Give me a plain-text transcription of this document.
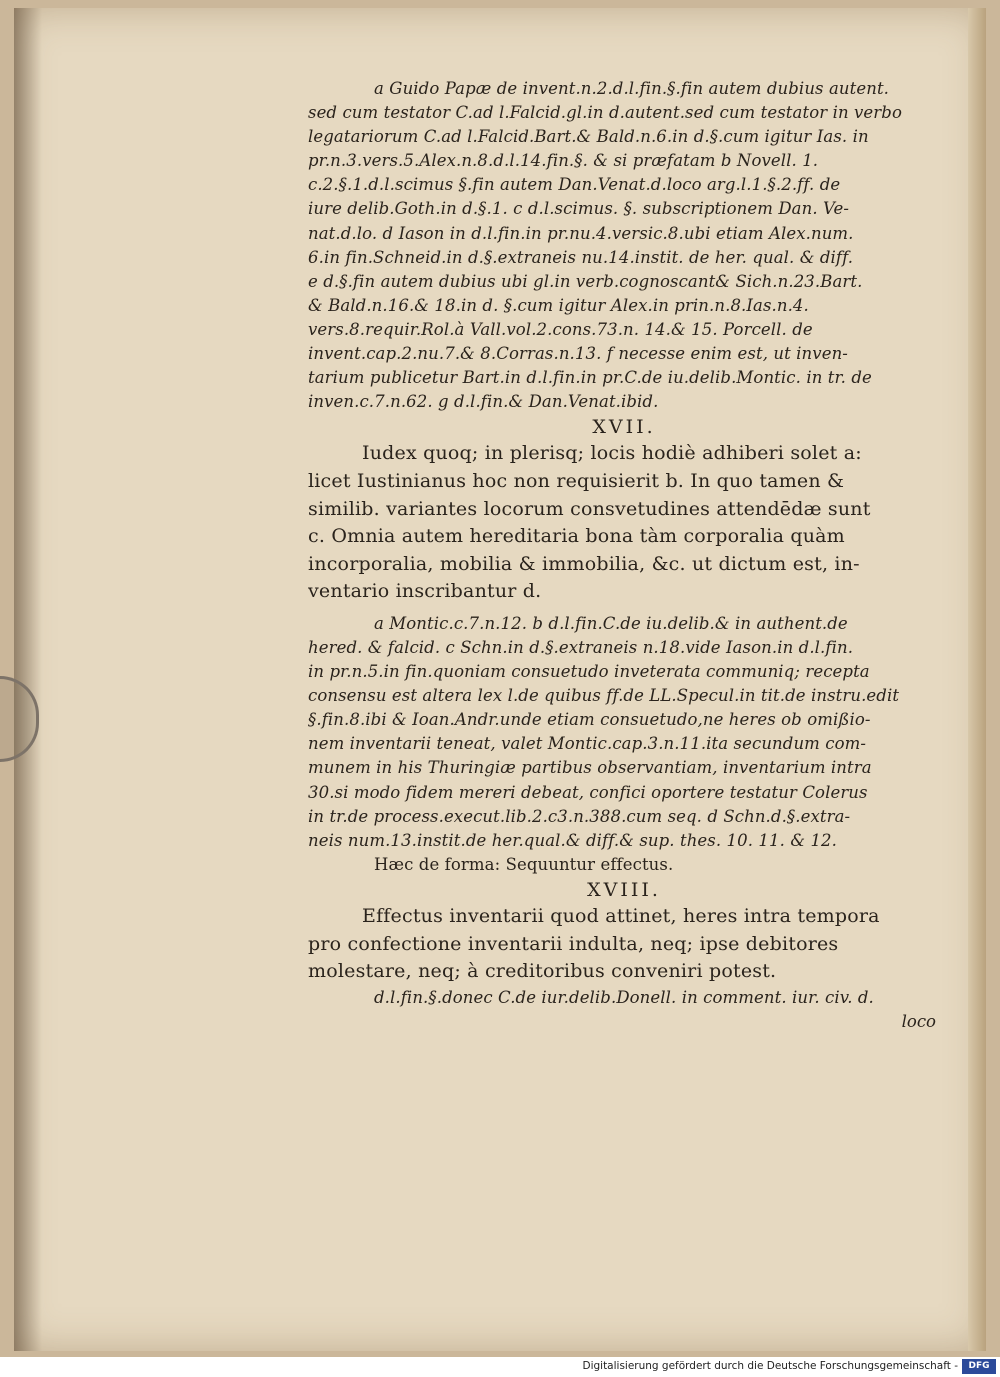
a Guido Papæ de invent.n.2.d.l.fin.§.fin autem dubius autent.
sed cum testator C.ad l.Falcid.gl.in d.autent.sed cum testator in verbo
legatariorum C.ad l.Falcid.Bart.& Bald.n.6.in d.§.cum igitur Ias. in
pr.n.3.vers.5.Alex.n.8.d.l.14.fin.§. & si præfatam b Novell. 1.
c.2.§.1.d.l.scimus §.fin autem Dan.Venat.d.loco arg.l.1.§.2.ff. de
iure delib.Goth.in d.§.1. c d.l.scimus. §. subscriptionem Dan. Ve-
nat.d.lo. d Iason in d.l.fin.in pr.nu.4.versic.8.ubi etiam Alex.num.
6.in fin.Schneid.in d.§.extraneis nu.14.instit. de her. qual. & diff.
e d.§.fin autem dubius ubi gl.in verb.cognoscant& Sich.n.23.Bart.
& Bald.n.16.& 18.in d. §.cum igitur Alex.in prin.n.8.Ias.n.4.
vers.8.requir.Rol.à Vall.vol.2.cons.73.n. 14.& 15. Porcell. de
invent.cap.2.nu.7.& 8.Corras.n.13. f necesse enim est, ut inven-
tarium publicetur Bart.in d.l.fin.in pr.C.de iu.delib.Montic. in tr. de
inven.c.7.n.62. g d.l.fin.& Dan.Venat.ibid.
XVII.
Iudex quoq; in plerisq; locis hodiè adhiberi solet a:
licet Iustinianus hoc non requisierit b. In quo tamen &
similib. variantes locorum consvetudines attendēdæ sunt
c. Omnia autem hereditaria bona tàm corporalia quàm
incorporalia, mobilia & immobilia, &c. ut dictum est, in-
ventario inscribantur d.
a Montic.c.7.n.12. b d.l.fin.C.de iu.delib.& in authent.de
hered. & falcid. c Schn.in d.§.extraneis n.18.vide Iason.in d.l.fin.
in pr.n.5.in fin.quoniam consuetudo inveterata communiq; recepta
consensu est altera lex l.de quibus ff.de LL.Specul.in tit.de instru.edit
§.fin.8.ibi & Ioan.Andr.unde etiam consuetudo,ne heres ob omißio-
nem inventarii teneat, valet Montic.cap.3.n.11.ita secundum com-
munem in his Thuringiæ partibus observantiam, inventarium intra
30.si modo fidem mereri debeat, confici oportere testatur Colerus
in tr.de process.execut.lib.2.c3.n.388.cum seq. d Schn.d.§.extra-
neis num.13.instit.de her.qual.& diff.& sup. thes. 10. 11. & 12.
Hæc de forma: Sequuntur effectus.
XVIII.
Effectus inventarii quod attinet, heres intra tempora
pro confectione inventarii indulta, neq; ipse debitores
molestare, neq; à creditoribus conveniri potest.
d.l.fin.§.donec C.de iur.delib.Donell. in comment. iur. civ. d.
loco
Digitalisierung gefördert durch die Deutsche Forschungsgemeinschaft -	DFG
